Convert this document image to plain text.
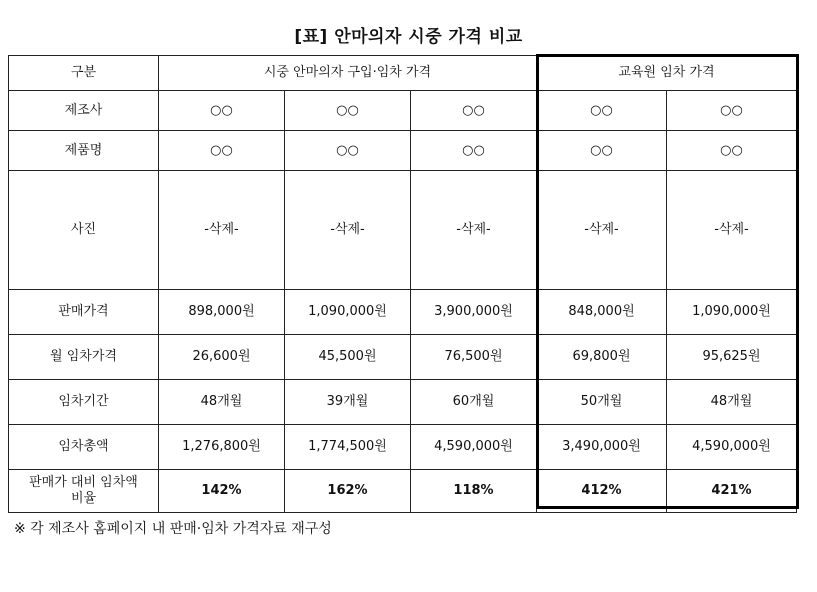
[표] 안마의자 시중 가격 비교
구분	시중 안마의자 구입·임차 가격			교육원 임차 가격	
제조사	○○	○○	○○	○○	○○
제품명	○○	○○	○○	○○	○○
사진	-삭제-	-삭제-	-삭제-	-삭제-	-삭제-
판매가격	898,000원	1,090,000원	3,900,000원	848,000원	1,090,000원
월 임차가격	26,600원	45,500원	76,500원	69,800원	95,625원
임차기간	48개월	39개월	60개월	50개월	48개월
임차총액	1,276,800원	1,774,500원	4,590,000원	3,490,000원	4,590,000원
판매가 대비 임차액
비율	142%	162%	118%	412%	421%
※ 각 제조사 홈페이지 내 판매·임차 가격자료 재구성
